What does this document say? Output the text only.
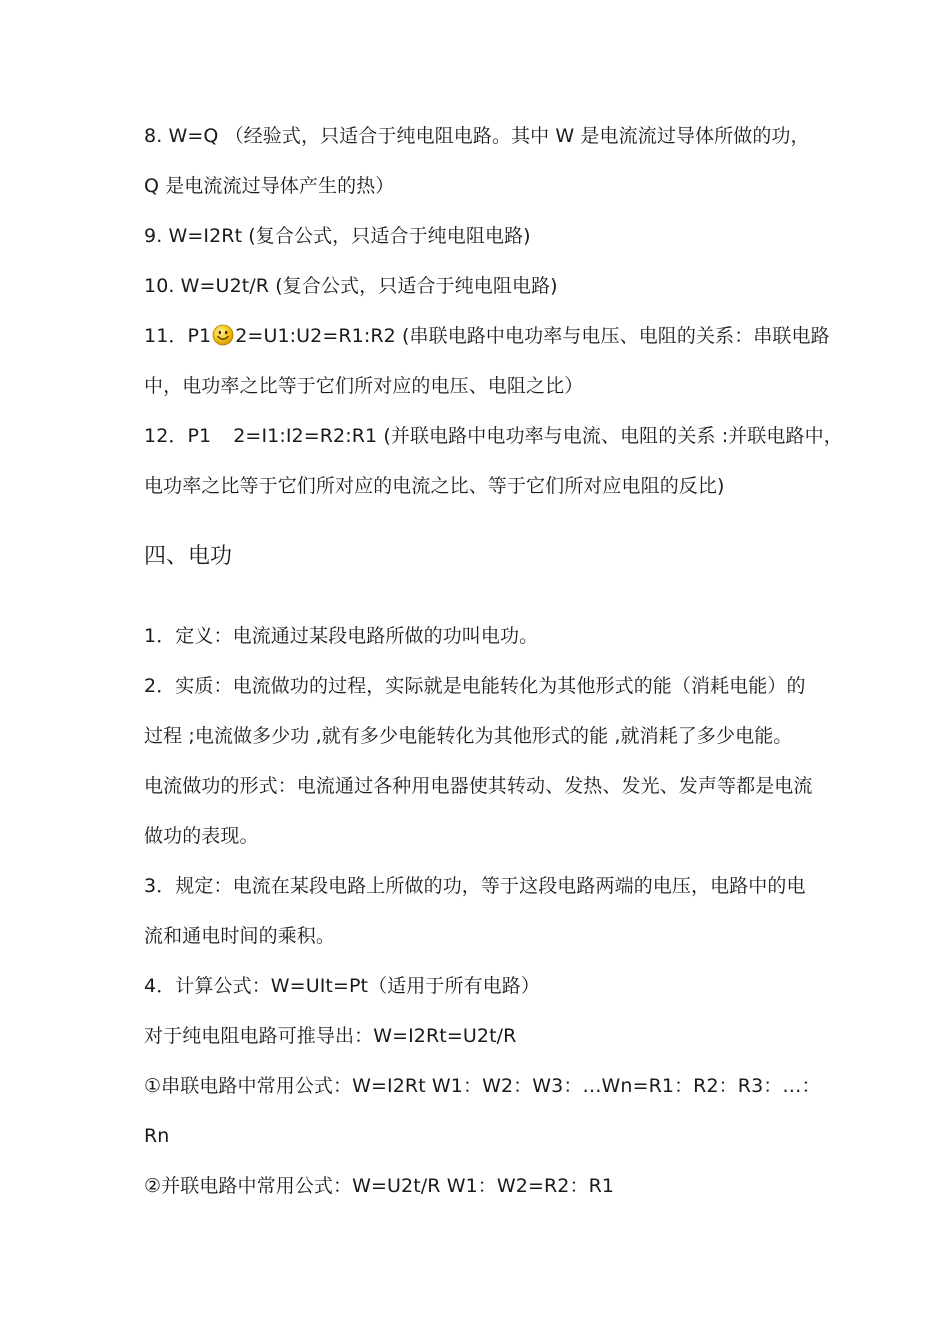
8. W=Q （经验式，只适合于纯电阻电路。其中 W 是电流流过导体所做的功，
Q 是电流流过导体产生的热）
9. W=I2Rt (复合公式，只适合于纯电阻电路)
10. W=U2t/R (复合公式，只适合于纯电阻电路)
11．P1 2=U1:U2=R1:R2 (串联电路中电功率与电压、电阻的关系：串联电路
中，电功率之比等于它们所对应的电压、电阻之比）
12．P1 2=I1:I2=R2:R1 (并联电路中电功率与电流、电阻的关系 :并联电路中，
电功率之比等于它们所对应的电流之比、等于它们所对应电阻的反比)
四、电功
1．定义：电流通过某段电路所做的功叫电功。
2．实质：电流做功的过程，实际就是电能转化为其他形式的能（消耗电能）的
过程 ;电流做多少功 ,就有多少电能转化为其他形式的能 ,就消耗了多少电能。
电流做功的形式：电流通过各种用电器使其转动、发热、发光、发声等都是电流
做功的表现。
3．规定：电流在某段电路上所做的功，等于这段电路两端的电压，电路中的电
流和通电时间的乘积。
4．计算公式：W=UIt=Pt（适用于所有电路）
对于纯电阻电路可推导出：W=I2Rt=U2t/R
①串联电路中常用公式：W=I2Rt W1：W2：W3：…Wn=R1：R2：R3：…：
Rn
②并联电路中常用公式：W=U2t/R W1：W2=R2：R1
